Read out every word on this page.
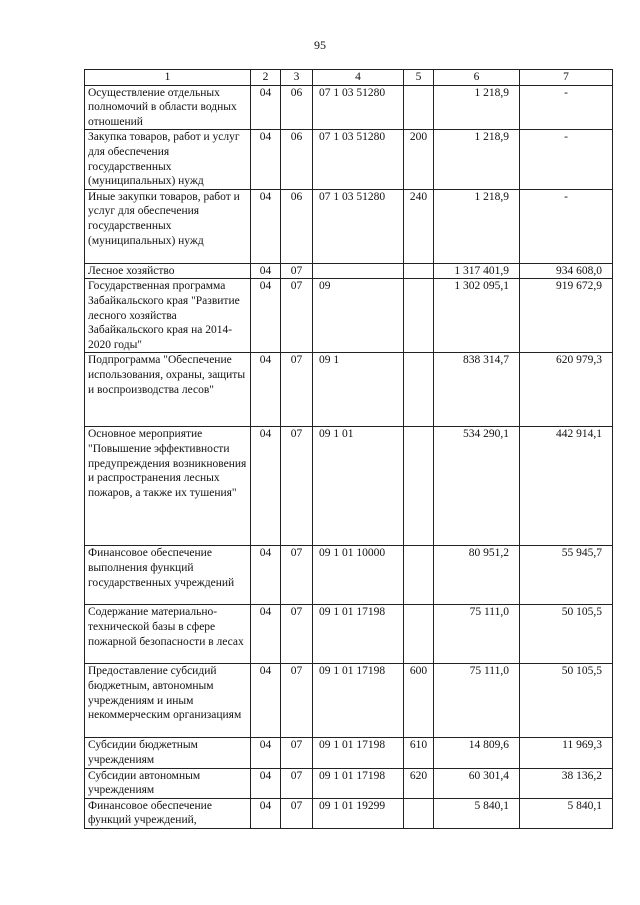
95
1	2	3	4	5	6	7
Осуществление отдельных полномочий в области водных отношений	04	06	07 1 03 51280		1 218,9	-
Закупка товаров, работ и услуг для обеспечения государственных (муниципальных) нужд	04	06	07 1 03 51280	200	1 218,9	-
Иные закупки товаров, работ и услуг для обеспечения государственных (муниципальных) нужд	04	06	07 1 03 51280	240	1 218,9	-
Лесное хозяйство	04	07			1 317 401,9	934 608,0
Государственная программа Забайкальского края "Развитие лесного хозяйства Забайкальского края на 2014-2020 годы"	04	07	09		1 302 095,1	919 672,9
Подпрограмма "Обеспечение использования, охраны, защиты и воспроизводства лесов"	04	07	09 1		838 314,7	620 979,3
Основное мероприятие "Повышение эффективности предупреждения возникновения и распространения лесных пожаров, а также их тушения"	04	07	09 1 01		534 290,1	442 914,1
Финансовое обеспечение выполнения функций государственных учреждений	04	07	09 1 01 10000		80 951,2	55 945,7
Содержание материально-технической базы в сфере пожарной безопасности в лесах	04	07	09 1 01 17198		75 111,0	50 105,5
Предоставление субсидий бюджетным, автономным учреждениям и иным некоммерческим организациям	04	07	09 1 01 17198	600	75 111,0	50 105,5
Субсидии бюджетным учреждениям	04	07	09 1 01 17198	610	14 809,6	11 969,3
Субсидии автономным учреждениям	04	07	09 1 01 17198	620	60 301,4	38 136,2
Финансовое обеспечение функций учреждений,	04	07	09 1 01 19299		5 840,1	5 840,1
